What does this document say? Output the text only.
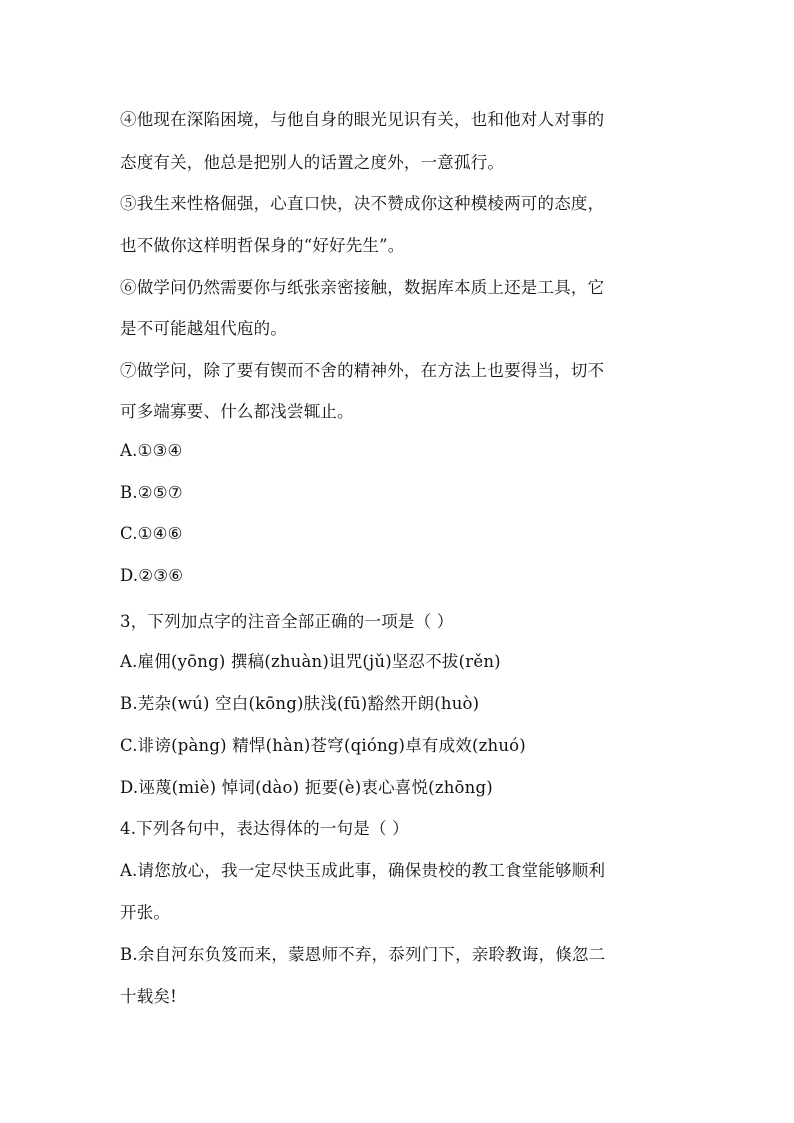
④他现在深陷困境，与他自身的眼光见识有关，也和他对人对事的
态度有关，他总是把别人的话置之度外，一意孤行。
⑤我生来性格倔强，心直口快，决不赞成你这种模棱两可的态度，
也不做你这样明哲保身的“好好先生”。
⑥做学问仍然需要你与纸张亲密接触，数据库本质上还是工具，它
是不可能越俎代庖的。
⑦做学问，除了要有锲而不舍的精神外，在方法上也要得当，切不
可多端寡要、什么都浅尝辄止。
A.①③④
B.②⑤⑦
C.①④⑥
D.②③⑥
3，下列加点字的注音全部正确的一项是（ ）
A.雇佣(yōng) 撰稿(zhuàn)诅咒(jǔ)坚忍不拔(rěn)
B.芜杂(wú) 空白(kōng)肤浅(fū)豁然开朗(huò)
C.诽谤(pàng) 精悍(hàn)苍穹(qióng)卓有成效(zhuó)
D.诬蔑(miè) 悼词(dào) 扼要(è)衷心喜悦(zhōng)
4.下列各句中，表达得体的一句是（ ）
A.请您放心，我一定尽快玉成此事，确保贵校的教工食堂能够顺利
开张。
B.余自河东负笈而来，蒙恩师不弃，忝列门下，亲聆教诲，倏忽二
十载矣!
